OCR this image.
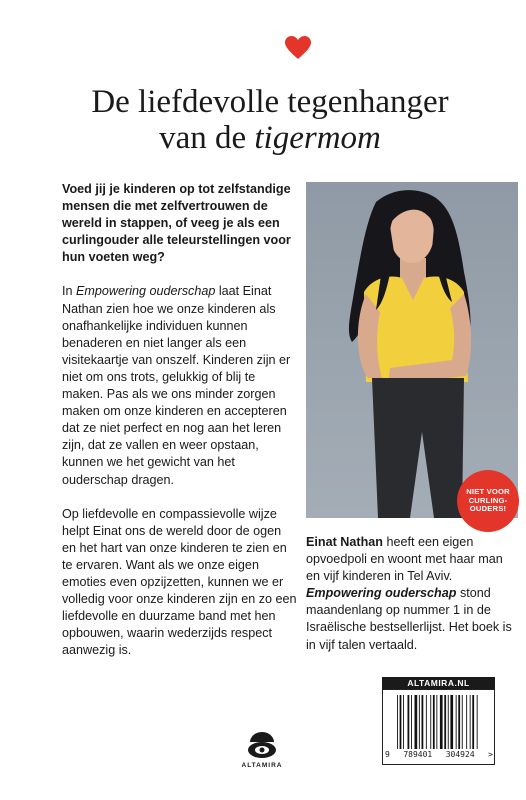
De liefdevolle tegenhanger
van de tigermom

Voed jij je kinderen op tot zelfstandige mensen die met zelfvertrouwen de wereld in stappen, of veeg je als een curlingouder alle teleurstellingen voor hun voeten weg?

In Empowering ouderschap laat Einat Nathan zien hoe we onze kinderen als onafhankelijke individuen kunnen benaderen en niet langer als een visitekaartje van onszelf. Kinderen zijn er niet om ons trots, gelukkig of blij te maken. Pas als we ons minder zorgen maken om onze kinderen en accepteren dat ze niet perfect en nog aan het leren zijn, dat ze vallen en weer opstaan, kunnen we het gewicht van het ouderschap dragen.

Op liefdevolle en compassievolle wijze helpt Einat ons de wereld door de ogen en het hart van onze kinderen te zien en te ervaren. Want als we onze eigen emoties even opzijzetten, kunnen we er volledig voor onze kinderen zijn en zo een liefdevolle en duurzame band met hen opbouwen, waarin wederzijds respect aanwezig is.

NIET VOOR CURLING-OUDERS!
Einat Nathan heeft een eigen opvoedpoli en woont met haar man en vijf kinderen in Tel Aviv. Empowering ouderschap stond maandenlang op nummer 1 in de Israëlische bestsellerlijst. Het boek is in vijf talen vertaald.
ALTAMIRA.NL
9 789401 304924 >
ALTAMIRA
